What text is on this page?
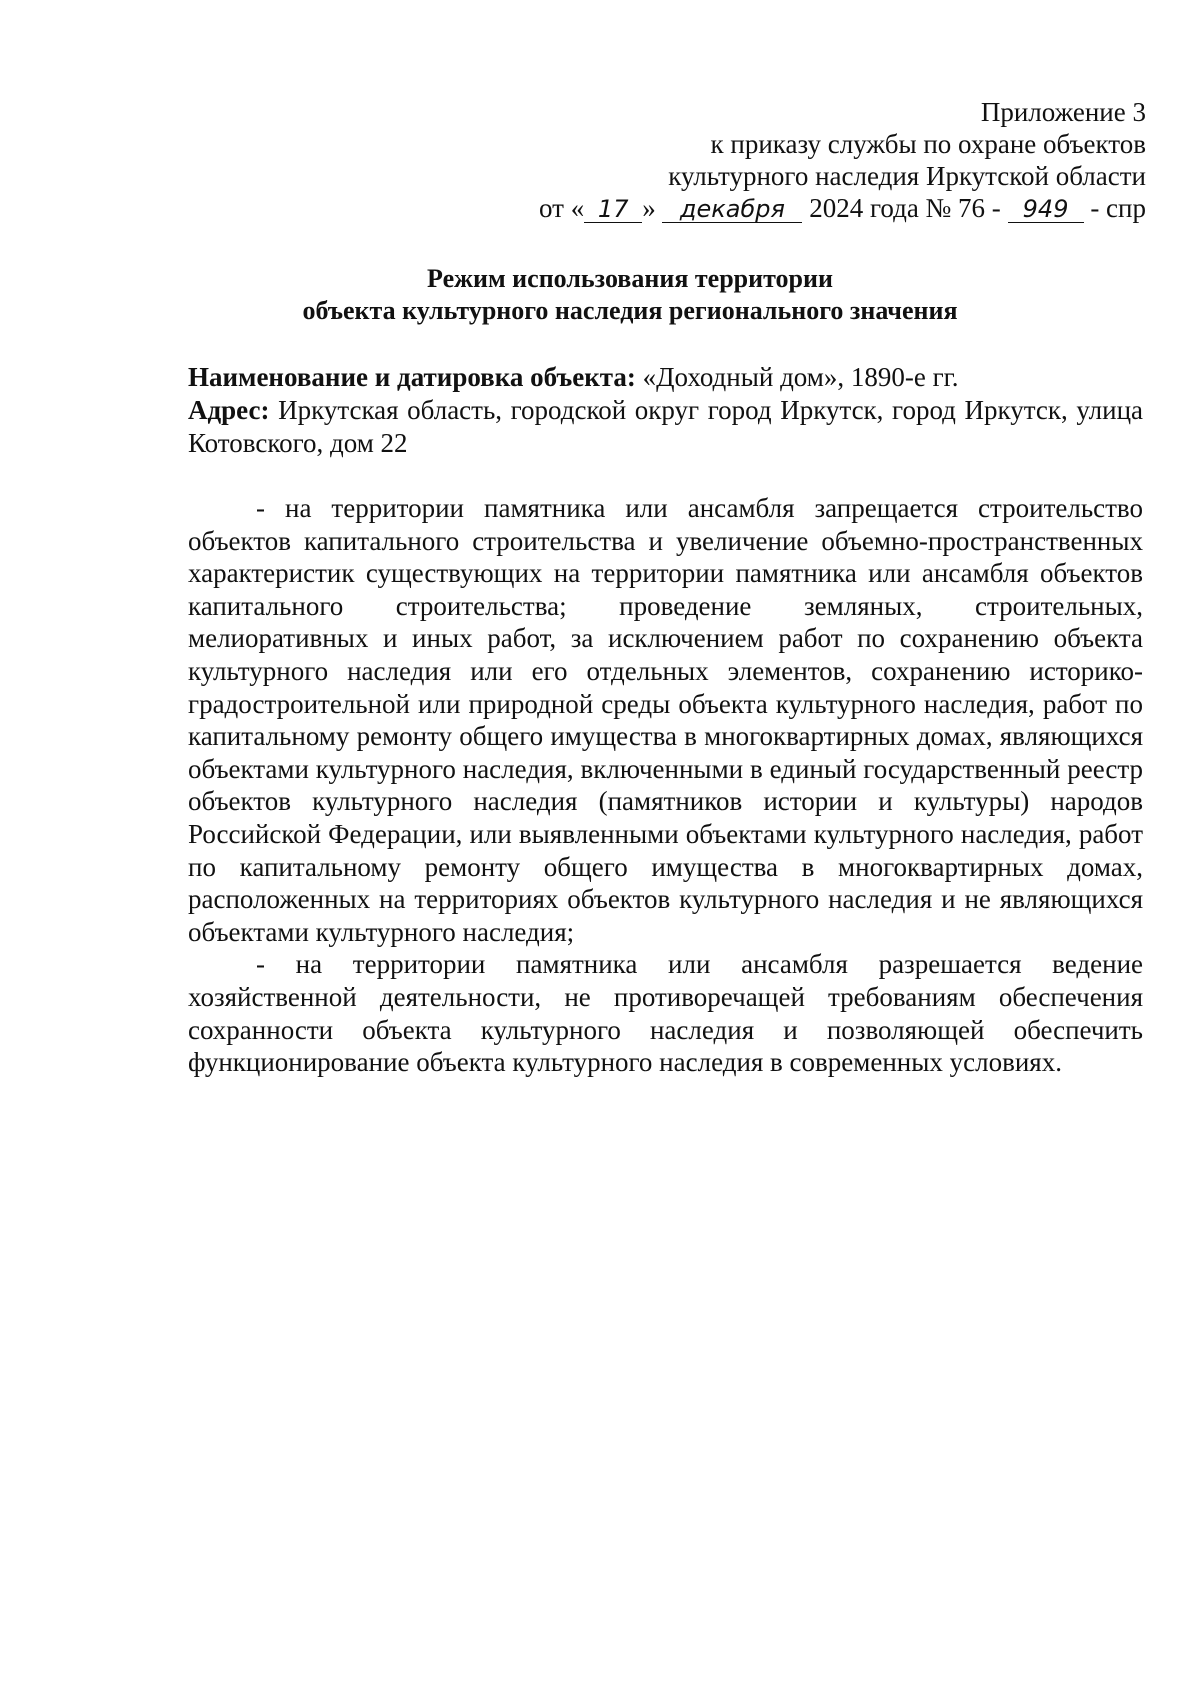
Приложение 3
к приказу службы по охране объектов
культурного наследия Иркутской области
от « 17 » декабря 2024 года № 76 - 949 - спр
Режим использования территории
объекта культурного наследия регионального значения

Наименование и датировка объекта: «Доходный дом», 1890-е гг.

Адрес: Иркутская область, городской округ город Иркутск, город Иркутск, улица Котовского, дом 22

- на территории памятника или ансамбля запрещается строительство объектов капитального строительства и увеличение объемно-пространственных характеристик существующих на территории памятника или ансамбля объектов капитального строительства; проведение земляных, строительных, мелиоративных и иных работ, за исключением работ по сохранению объекта культурного наследия или его отдельных элементов, сохранению историко-градостроительной или природной среды объекта культурного наследия, работ по капитальному ремонту общего имущества в многоквартирных домах, являющихся объектами культурного наследия, включенными в единый государственный реестр объектов культурного наследия (памятников истории и культуры) народов Российской Федерации, или выявленными объектами культурного наследия, работ по капитальному ремонту общего имущества в многоквартирных домах, расположенных на территориях объектов культурного наследия и не являющихся объектами культурного наследия;

- на территории памятника или ансамбля разрешается ведение хозяйственной деятельности, не противоречащей требованиям обеспечения сохранности объекта культурного наследия и позволяющей обеспечить функционирование объекта культурного наследия в современных условиях.
